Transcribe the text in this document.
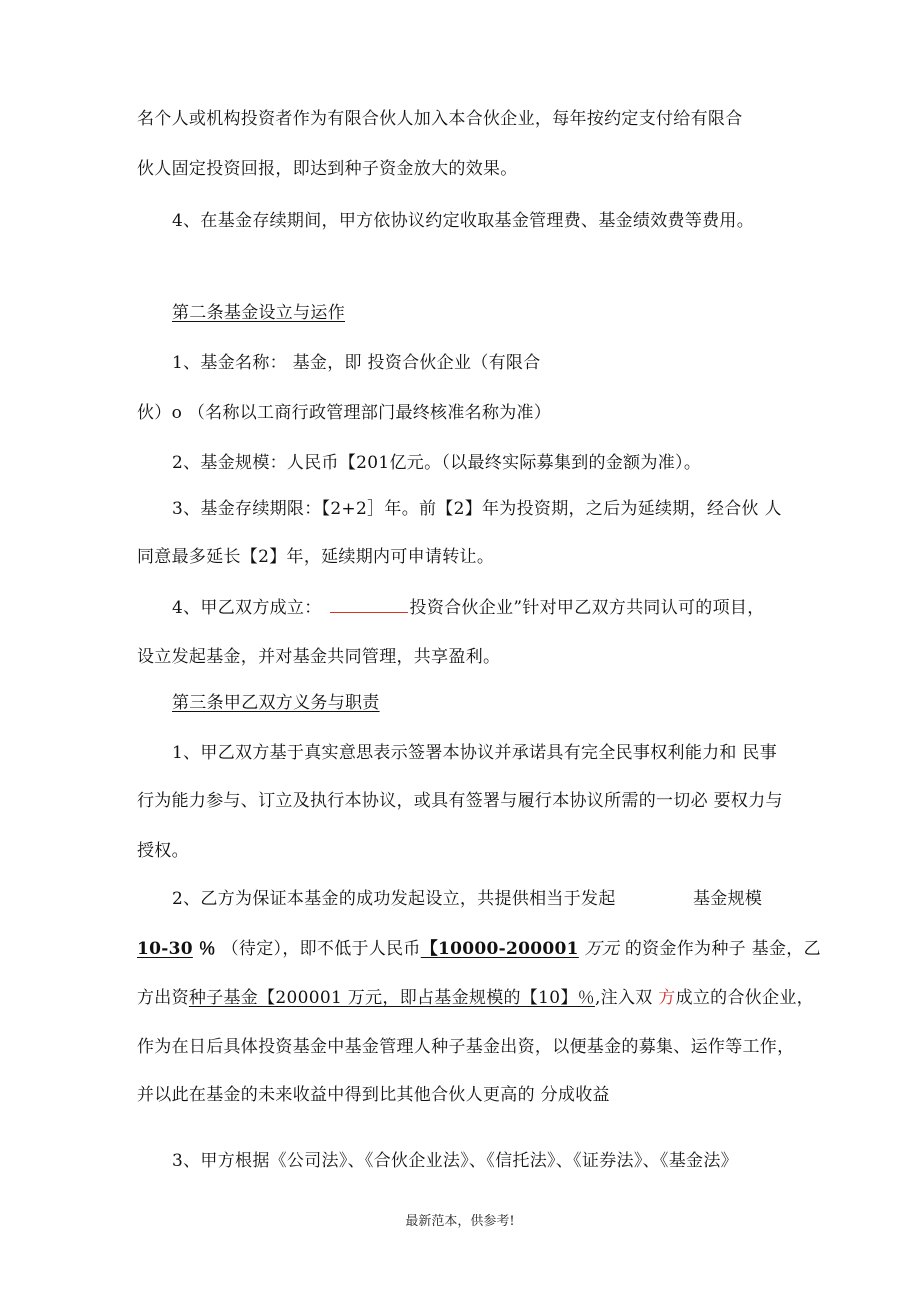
名个人或机构投资者作为有限合伙人加入本合伙企业，每年按约定支付给有限合
伙人固定投资回报，即达到种子资金放大的效果。
4、在基金存续期间，甲方依协议约定收取基金管理费、基金绩效费等费用。
第二条基金设立与运作
1、基金名称： 基金，即 投资合伙企业（有限合
伙）o （名称以工商行政管理部门最终核准名称为准）
2、基金规模：人民币【201亿元。（以最终实际募集到的金额为准）。
3、基金存续期限：【2+2］年。前【2】年为投资期，之后为延续期，经合伙 人
同意最多延长【2】年，延续期内可申请转让。
4、甲乙双方成立：	投资合伙企业”针对甲乙双方共同认可的项目，
设立发起基金，并对基金共同管理，共享盈利。
第三条甲乙双方义务与职责
1、甲乙双方基于真实意思表示签署本协议并承诺具有完全民事权利能力和 民事
行为能力参与、订立及执行本协议，或具有签署与履行本协议所需的一切必 要权力与
授权。
2、乙方为保证本基金的成功发起设立，共提供相当于发起	基金规模
10-30 ％ （待定），即不低于人民币【10000-200001 万元 的资金作为种子 基金，乙
方出资种子基金【200001 万元，即占基金规模的【10】％,注入双 方成立的合伙企业，
作为在日后具体投资基金中基金管理人种子基金出资，以便基金的募集、运作等工作，
并以此在基金的未来收益中得到比其他合伙人更高的 分成收益
3、甲方根据《公司法》、《合伙企业法》、《信托法》、《证券法》、《基金法》
最新范本，供参考!
